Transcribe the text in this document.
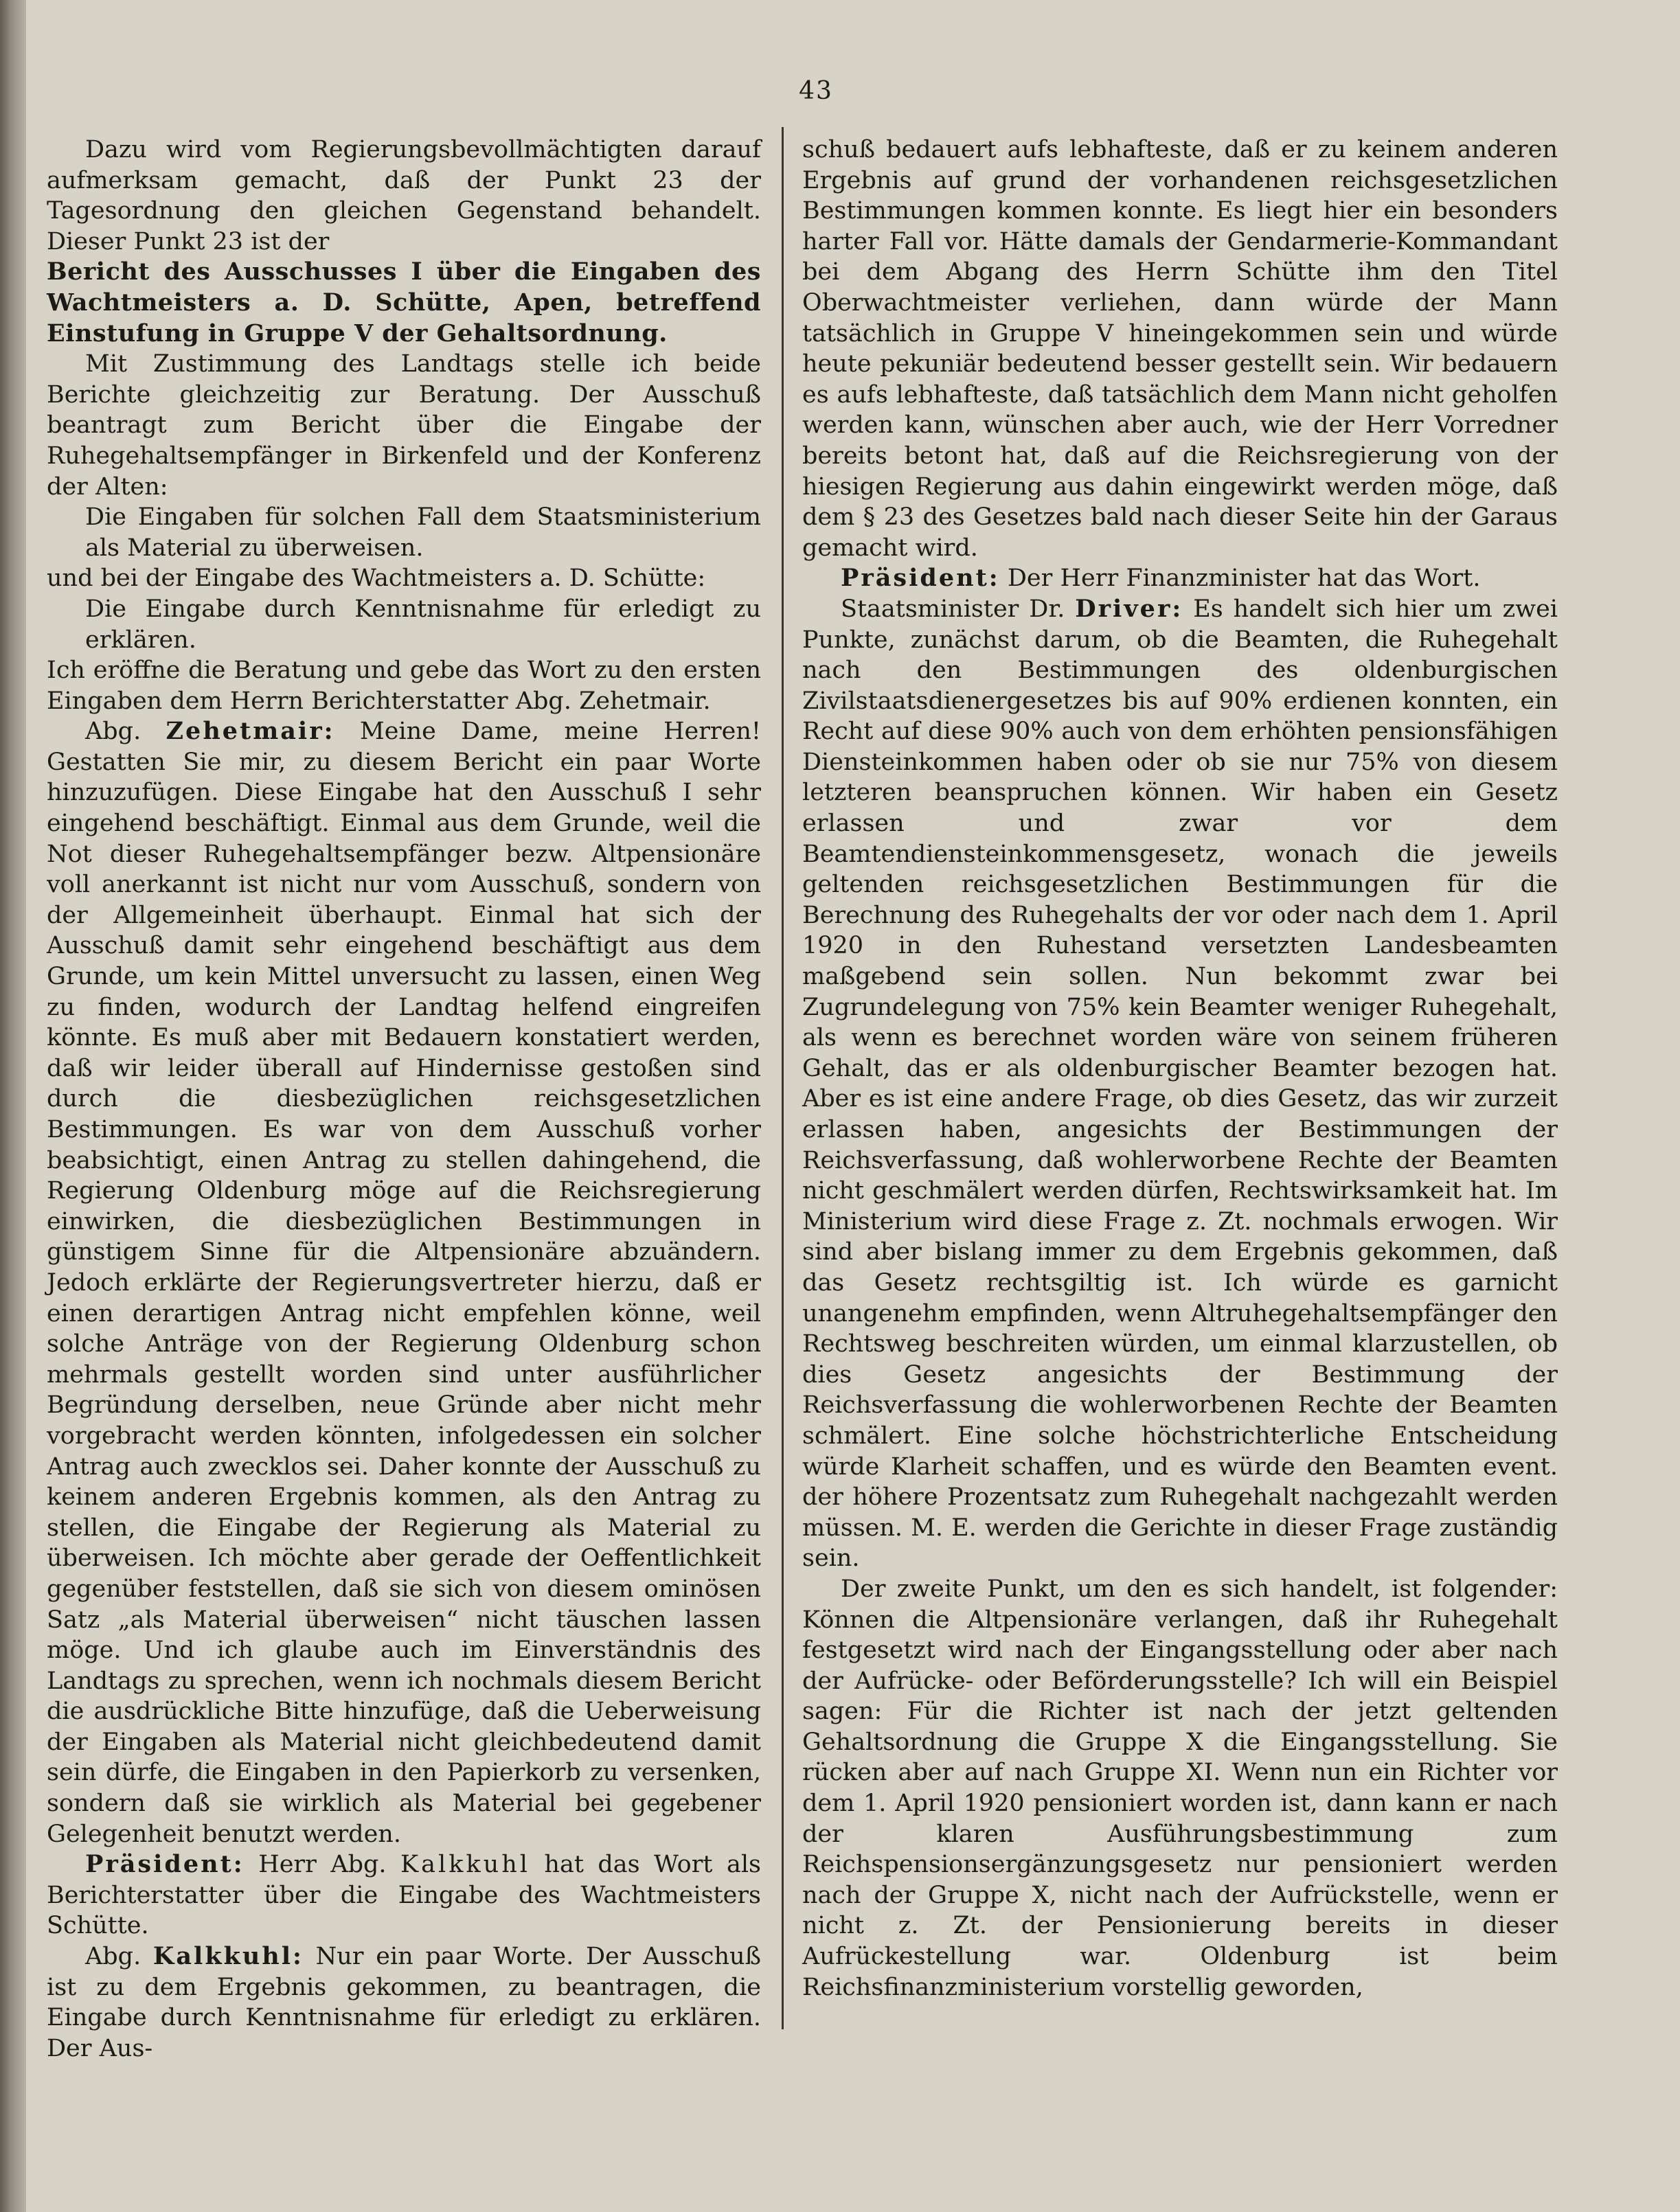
43

Dazu wird vom Regierungsbevollmächtigten darauf aufmerksam gemacht, daß der Punkt 23 der Tagesordnung den gleichen Gegenstand behandelt. Dieser Punkt 23 ist der

Bericht des Ausschusses I über die Eingaben des Wachtmeisters a. D. Schütte, Apen, betreffend Einstufung in Gruppe V der Gehaltsordnung.

Mit Zustimmung des Landtags stelle ich beide Berichte gleichzeitig zur Beratung. Der Ausschuß beantragt zum Bericht über die Eingabe der Ruhegehaltsempfänger in Birkenfeld und der Konferenz der Alten:

Die Eingaben für solchen Fall dem Staatsministerium als Material zu überweisen.

und bei der Eingabe des Wachtmeisters a. D. Schütte:

Die Eingabe durch Kenntnisnahme für erledigt zu erklären.

Ich eröffne die Beratung und gebe das Wort zu den ersten Eingaben dem Herrn Berichterstatter Abg. Zehetmair.

Abg. Zehetmair: Meine Dame, meine Herren! Gestatten Sie mir, zu diesem Bericht ein paar Worte hinzuzufügen. Diese Eingabe hat den Ausschuß I sehr eingehend beschäftigt. Einmal aus dem Grunde, weil die Not dieser Ruhegehaltsempfänger bezw. Altpensionäre voll anerkannt ist nicht nur vom Ausschuß, sondern von der Allgemeinheit überhaupt. Einmal hat sich der Ausschuß damit sehr eingehend beschäftigt aus dem Grunde, um kein Mittel unversucht zu lassen, einen Weg zu finden, wodurch der Landtag helfend eingreifen könnte. Es muß aber mit Bedauern konstatiert werden, daß wir leider überall auf Hindernisse gestoßen sind durch die diesbezüglichen reichsgesetzlichen Bestimmungen. Es war von dem Ausschuß vorher beabsichtigt, einen Antrag zu stellen dahingehend, die Regierung Oldenburg möge auf die Reichsregierung einwirken, die diesbezüglichen Bestimmungen in günstigem Sinne für die Altpensionäre abzuändern. Jedoch erklärte der Regierungsvertreter hierzu, daß er einen derartigen Antrag nicht empfehlen könne, weil solche Anträge von der Regierung Oldenburg schon mehrmals gestellt worden sind unter ausführlicher Begründung derselben, neue Gründe aber nicht mehr vorgebracht werden könnten, infolgedessen ein solcher Antrag auch zwecklos sei. Daher konnte der Ausschuß zu keinem anderen Ergebnis kommen, als den Antrag zu stellen, die Eingabe der Regierung als Material zu überweisen. Ich möchte aber gerade der Oeffentlichkeit gegenüber feststellen, daß sie sich von diesem ominösen Satz „als Material überweisen“ nicht täuschen lassen möge. Und ich glaube auch im Einverständnis des Landtags zu sprechen, wenn ich nochmals diesem Bericht die ausdrückliche Bitte hinzufüge, daß die Ueberweisung der Eingaben als Material nicht gleichbedeutend damit sein dürfe, die Eingaben in den Papierkorb zu versenken, sondern daß sie wirklich als Material bei gegebener Gelegenheit benutzt werden.

Präsident: Herr Abg. Kalkkuhl hat das Wort als Berichterstatter über die Eingabe des Wachtmeisters Schütte.

Abg. Kalkkuhl: Nur ein paar Worte. Der Ausschuß ist zu dem Ergebnis gekommen, zu beantragen, die Eingabe durch Kenntnisnahme für erledigt zu erklären. Der Aus-

schuß bedauert aufs lebhafteste, daß er zu keinem anderen Ergebnis auf grund der vorhandenen reichsgesetzlichen Bestimmungen kommen konnte. Es liegt hier ein besonders harter Fall vor. Hätte damals der Gendarmerie-Kommandant bei dem Abgang des Herrn Schütte ihm den Titel Oberwachtmeister verliehen, dann würde der Mann tatsächlich in Gruppe V hineingekommen sein und würde heute pekuniär bedeutend besser gestellt sein. Wir bedauern es aufs lebhafteste, daß tatsächlich dem Mann nicht geholfen werden kann, wünschen aber auch, wie der Herr Vorredner bereits betont hat, daß auf die Reichsregierung von der hiesigen Regierung aus dahin eingewirkt werden möge, daß dem § 23 des Gesetzes bald nach dieser Seite hin der Garaus gemacht wird.

Präsident: Der Herr Finanzminister hat das Wort.

Staatsminister Dr. Driver: Es handelt sich hier um zwei Punkte, zunächst darum, ob die Beamten, die Ruhegehalt nach den Bestimmungen des oldenburgischen Zivilstaatsdienergesetzes bis auf 90% erdienen konnten, ein Recht auf diese 90% auch von dem erhöhten pensionsfähigen Diensteinkommen haben oder ob sie nur 75% von diesem letzteren beanspruchen können. Wir haben ein Gesetz erlassen und zwar vor dem Beamtendiensteinkommensgesetz, wonach die jeweils geltenden reichsgesetzlichen Bestimmungen für die Berechnung des Ruhegehalts der vor oder nach dem 1. April 1920 in den Ruhestand versetzten Landesbeamten maßgebend sein sollen. Nun bekommt zwar bei Zugrundelegung von 75% kein Beamter weniger Ruhegehalt, als wenn es berechnet worden wäre von seinem früheren Gehalt, das er als oldenburgischer Beamter bezogen hat. Aber es ist eine andere Frage, ob dies Gesetz, das wir zurzeit erlassen haben, angesichts der Bestimmungen der Reichsverfassung, daß wohlerworbene Rechte der Beamten nicht geschmälert werden dürfen, Rechtswirksamkeit hat. Im Ministerium wird diese Frage z. Zt. nochmals erwogen. Wir sind aber bislang immer zu dem Ergebnis gekommen, daß das Gesetz rechtsgiltig ist. Ich würde es garnicht unangenehm empfinden, wenn Altruhegehaltsempfänger den Rechtsweg beschreiten würden, um einmal klarzustellen, ob dies Gesetz angesichts der Bestimmung der Reichsverfassung die wohlerworbenen Rechte der Beamten schmälert. Eine solche höchstrichterliche Entscheidung würde Klarheit schaffen, und es würde den Beamten event. der höhere Prozentsatz zum Ruhegehalt nachgezahlt werden müssen. M. E. werden die Gerichte in dieser Frage zuständig sein.

Der zweite Punkt, um den es sich handelt, ist folgender: Können die Altpensionäre verlangen, daß ihr Ruhegehalt festgesetzt wird nach der Eingangsstellung oder aber nach der Aufrücke- oder Beförderungsstelle? Ich will ein Beispiel sagen: Für die Richter ist nach der jetzt geltenden Gehaltsordnung die Gruppe X die Eingangsstellung. Sie rücken aber auf nach Gruppe XI. Wenn nun ein Richter vor dem 1. April 1920 pensioniert worden ist, dann kann er nach der klaren Ausführungsbestimmung zum Reichspensionsergänzungsgesetz nur pensioniert werden nach der Gruppe X, nicht nach der Aufrückstelle, wenn er nicht z. Zt. der Pensionierung bereits in dieser Aufrückestellung war. Oldenburg ist beim Reichsfinanzministerium vorstellig geworden,
